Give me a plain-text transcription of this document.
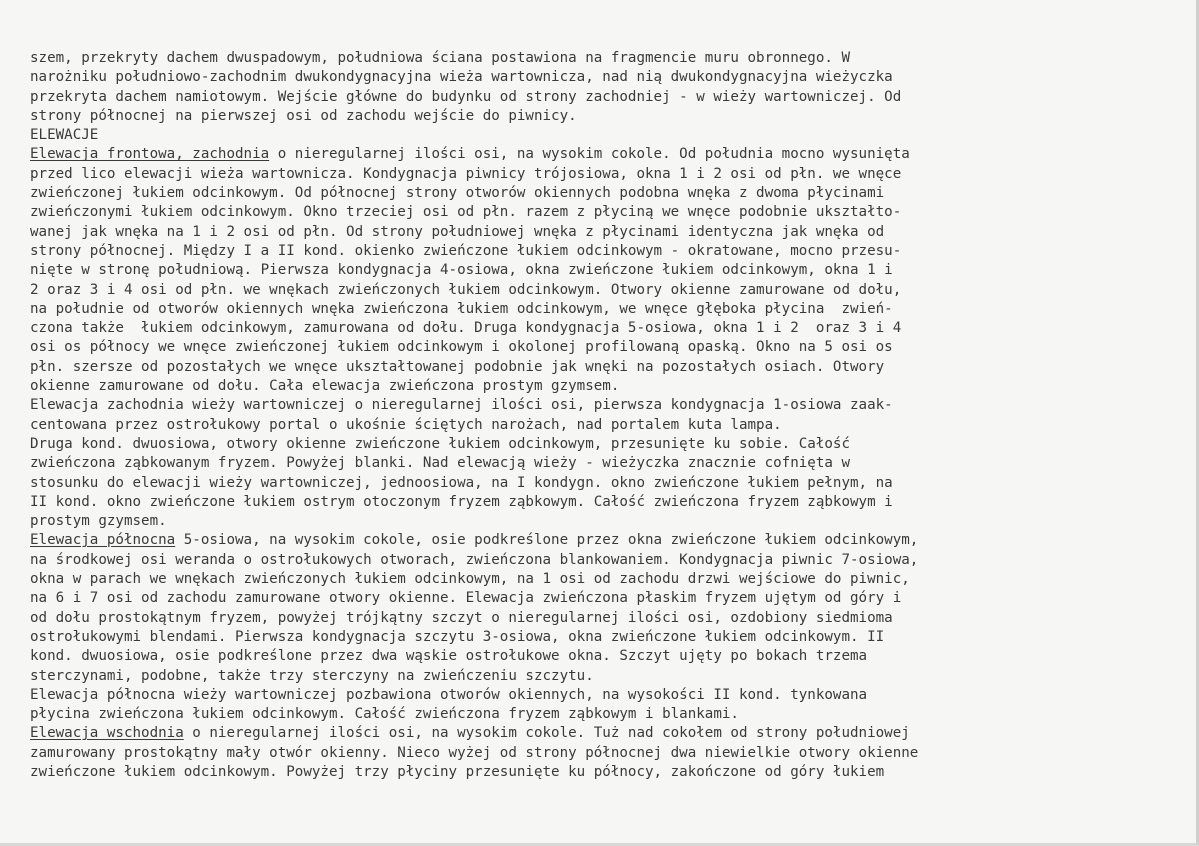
szem, przekryty dachem dwuspadowym, południowa ściana postawiona na fragmencie muru obronnego. W
narożniku południowo-zachodnim dwukondygnacyjna wieża wartownicza, nad nią dwukondygnacyjna wieżyczka
przekryta dachem namiotowym. Wejście główne do budynku od strony zachodniej - w wieży wartowniczej. Od
strony północnej na pierwszej osi od zachodu wejście do piwnicy.
ELEWACJE
Elewacja frontowa, zachodnia o nieregularnej ilości osi, na wysokim cokole. Od południa mocno wysunięta
przed lico elewacji wieża wartownicza. Kondygnacja piwnicy trójosiowa, okna 1 i 2 osi od płn. we wnęce
zwieńczonej łukiem odcinkowym. Od północnej strony otworów okiennych podobna wnęka z dwoma płycinami
zwieńczonymi łukiem odcinkowym. Okno trzeciej osi od płn. razem z płyciną we wnęce podobnie ukształto-
wanej jak wnęka na 1 i 2 osi od płn. Od strony południowej wnęka z płycinami identyczna jak wnęka od
strony północnej. Między I a II kond. okienko zwieńczone łukiem odcinkowym - okratowane, mocno przesu-
nięte w stronę południową. Pierwsza kondygnacja 4-osiowa, okna zwieńczone łukiem odcinkowym, okna 1 i
2 oraz 3 i 4 osi od płn. we wnękach zwieńczonych łukiem odcinkowym. Otwory okienne zamurowane od dołu,
na południe od otworów okiennych wnęka zwieńczona łukiem odcinkowym, we wnęce głęboka płycina  zwień-
czona także  łukiem odcinkowym, zamurowana od dołu. Druga kondygnacja 5-osiowa, okna 1 i 2  oraz 3 i 4
osi os północy we wnęce zwieńczonej łukiem odcinkowym i okolonej profilowaną opaską. Okno na 5 osi os
płn. szersze od pozostałych we wnęce ukształtowanej podobnie jak wnęki na pozostałych osiach. Otwory
okienne zamurowane od dołu. Cała elewacja zwieńczona prostym gzymsem.
Elewacja zachodnia wieży wartowniczej o nieregularnej ilości osi, pierwsza kondygnacja 1-osiowa zaak-
centowana przez ostrołukowy portal o ukośnie ściętych narożach, nad portalem kuta lampa.
Druga kond. dwuosiowa, otwory okienne zwieńczone łukiem odcinkowym, przesunięte ku sobie. Całość
zwieńczona ząbkowanym fryzem. Powyżej blanki. Nad elewacją wieży - wieżyczka znacznie cofnięta w
stosunku do elewacji wieży wartowniczej, jednoosiowa, na I kondygn. okno zwieńczone łukiem pełnym, na
II kond. okno zwieńczone łukiem ostrym otoczonym fryzem ząbkowym. Całość zwieńczona fryzem ząbkowym i
prostym gzymsem.
Elewacja północna 5-osiowa, na wysokim cokole, osie podkreślone przez okna zwieńczone łukiem odcinkowym,
na środkowej osi weranda o ostrołukowych otworach, zwieńczona blankowaniem. Kondygnacja piwnic 7-osiowa,
okna w parach we wnękach zwieńczonych łukiem odcinkowym, na 1 osi od zachodu drzwi wejściowe do piwnic,
na 6 i 7 osi od zachodu zamurowane otwory okienne. Elewacja zwieńczona płaskim fryzem ujętym od góry i
od dołu prostokątnym fryzem, powyżej trójkątny szczyt o nieregularnej ilości osi, ozdobiony siedmioma
ostrołukowymi blendami. Pierwsza kondygnacja szczytu 3-osiowa, okna zwieńczone łukiem odcinkowym. II
kond. dwuosiowa, osie podkreślone przez dwa wąskie ostrołukowe okna. Szczyt ujęty po bokach trzema
sterczynami, podobne, także trzy sterczyny na zwieńczeniu szczytu.
Elewacja północna wieży wartowniczej pozbawiona otworów okiennych, na wysokości II kond. tynkowana
płycina zwieńczona łukiem odcinkowym. Całość zwieńczona fryzem ząbkowym i blankami.
Elewacja wschodnia o nieregularnej ilości osi, na wysokim cokole. Tuż nad cokołem od strony południowej
zamurowany prostokątny mały otwór okienny. Nieco wyżej od strony północnej dwa niewielkie otwory okienne
zwieńczone łukiem odcinkowym. Powyżej trzy płyciny przesunięte ku północy, zakończone od góry łukiem
